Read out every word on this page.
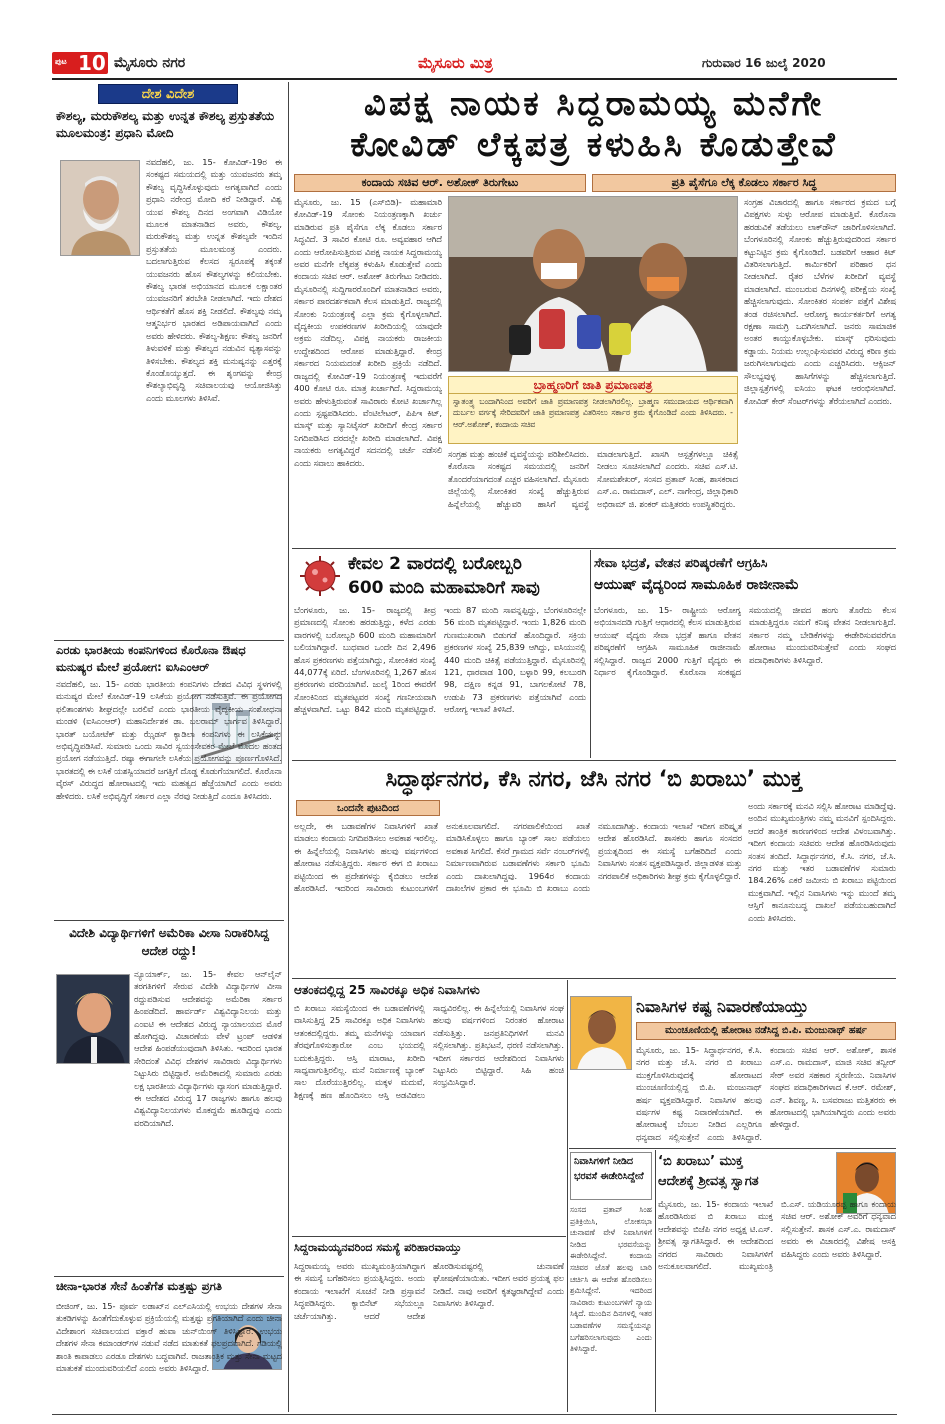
ಪುಟ 10 ಮೈಸೂರು ನಗರ	ಮೈಸೂರು ಮಿತ್ರ	ಗುರುವಾರ 16 ಜುಲೈ 2020
ದೇಶ ವಿದೇಶ
ಕೌಶಲ್ಯ, ಮರುಕೌಶಲ್ಯ ಮತ್ತು ಉನ್ನತ ಕೌಶಲ್ಯ ಪ್ರಸ್ತುತತೆಯ ಮೂಲಮಂತ್ರ: ಪ್ರಧಾನಿ ಮೋದಿ
ನವದೆಹಲಿ, ಜು. 15- ಕೋವಿಡ್-19ರ ಈ ಸಂಕಷ್ಟದ ಸಮಯದಲ್ಲಿ ಮತ್ತು ಯುವಜನರು ತಮ್ಮ ಕೌಶಲ್ಯ ವೃದ್ಧಿಸಿಕೊಳ್ಳುವುದು ಅಗತ್ಯವಾಗಿದೆ ಎಂದು ಪ್ರಧಾನಿ ನರೇಂದ್ರ ಮೋದಿ ಕರೆ ನೀಡಿದ್ದಾರೆ. ವಿಶ್ವ ಯುವ ಕೌಶಲ್ಯ ದಿನದ ಅಂಗವಾಗಿ ವಿಡಿಯೋ ಮೂಲಕ ಮಾತನಾಡಿದ ಅವರು, ಕೌಶಲ್ಯ, ಮರುಕೌಶಲ್ಯ ಮತ್ತು ಉನ್ನತ ಕೌಶಲ್ಯವೇ ಇಂದಿನ ಪ್ರಸ್ತುತತೆಯ ಮೂಲಮಂತ್ರ ಎಂದರು. ಬದಲಾಗುತ್ತಿರುವ ಕೆಲಸದ ಸ್ವರೂಪಕ್ಕೆ ತಕ್ಕಂತೆ ಯುವಜನರು ಹೊಸ ಕೌಶಲ್ಯಗಳನ್ನು ಕಲಿಯಬೇಕು. ಕೌಶಲ್ಯ ಭಾರತ ಅಭಿಯಾನದ ಮೂಲಕ ಲಕ್ಷಾಂತರ ಯುವಜನರಿಗೆ ತರಬೇತಿ ನೀಡಲಾಗಿದೆ. ಇದು ದೇಶದ ಆರ್ಥಿಕತೆಗೆ ಹೊಸ ಶಕ್ತಿ ನೀಡಲಿದೆ. ಕೌಶಲ್ಯವು ನಮ್ಮ ಆತ್ಮನಿರ್ಭರ ಭಾರತದ ಅಡಿಪಾಯವಾಗಿದೆ ಎಂದು ಅವರು ಹೇಳಿದರು. ಕೌಶಲ್ಯ-ಶಿಕ್ಷಣ: ಕೌಶಲ್ಯ ಜನರಿಗೆ ತಿಳುವಳಿಕೆ ಮತ್ತು ಕೌಶಲ್ಯದ ನಡುವಿನ ವ್ಯತ್ಯಾಸವನ್ನು ತಿಳಿಸಬೇಕು. ಕೌಶಲ್ಯದ ಶಕ್ತಿ ಮನುಷ್ಯನನ್ನು ಎತ್ತರಕ್ಕೆ ಕೊಂಡೊಯ್ಯುತ್ತದೆ. ಈ ಶೃಂಗವನ್ನು ಕೇಂದ್ರ ಕೌಶಲ್ಯಾಭಿವೃದ್ಧಿ ಸಚಿವಾಲಯವು ಆಯೋಜಿಸಿತ್ತು ಎಂದು ಮೂಲಗಳು ತಿಳಿಸಿವೆ.
ಎರಡು ಭಾರತೀಯ ಕಂಪನಿಗಳಿಂದ ಕೊರೊನಾ ಔಷಧ ಮನುಷ್ಯರ ಮೇಲೆ ಪ್ರಯೋಗ: ಐಸಿಎಂಆರ್
ನವದೆಹಲಿ, ಜು. 15- ಎರಡು ಭಾರತೀಯ ಕಂಪನಿಗಳು ದೇಶದ ವಿವಿಧ ಸ್ಥಳಗಳಲ್ಲಿ ಮನುಷ್ಯರ ಮೇಲೆ ಕೋವಿಡ್-19 ಲಸಿಕೆಯ ಪ್ರಯೋಗ ನಡೆಸುತ್ತಿವೆ. ಈ ಪ್ರಯೋಗದ ಫಲಿತಾಂಶಗಳು ಶೀಘ್ರದಲ್ಲೇ ಬರಲಿವೆ ಎಂದು ಭಾರತೀಯ ವೈದ್ಯಕೀಯ ಸಂಶೋಧನಾ ಮಂಡಳಿ (ಐಸಿಎಂಆರ್) ಮಹಾನಿರ್ದೇಶಕ ಡಾ. ಬಲರಾಮ್ ಭಾರ್ಗವ ತಿಳಿಸಿದ್ದಾರೆ. ಭಾರತ್ ಬಯೋಟೆಕ್ ಮತ್ತು ಝೈಡಸ್ ಕ್ಯಾಡಿಲಾ ಕಂಪನಿಗಳು ಈ ಲಸಿಕೆಯನ್ನು ಅಭಿವೃದ್ಧಿಪಡಿಸಿವೆ. ಸುಮಾರು ಒಂದು ಸಾವಿರ ಸ್ವಯಂಸೇವಕರ ಮೇಲೆ ಮೊದಲ ಹಂತದ ಪ್ರಯೋಗ ನಡೆಯುತ್ತಿದೆ. ರಷ್ಯಾ ಈಗಾಗಲೇ ಲಸಿಕೆಯ ಪ್ರಯೋಗವನ್ನು ಪೂರ್ಣಗೊಳಿಸಿದೆ. ಭಾರತದಲ್ಲಿ ಈ ಲಸಿಕೆ ಯಶಸ್ವಿಯಾದರೆ ಜಗತ್ತಿಗೆ ದೊಡ್ಡ ಕೊಡುಗೆಯಾಗಲಿದೆ. ಕೊರೊನಾ ವೈರಸ್ ವಿರುದ್ಧದ ಹೋರಾಟದಲ್ಲಿ ಇದು ಮಹತ್ವದ ಹೆಜ್ಜೆಯಾಗಿದೆ ಎಂದು ಅವರು ಹೇಳಿದರು. ಲಸಿಕೆ ಅಭಿವೃದ್ಧಿಗೆ ಸರ್ಕಾರ ಎಲ್ಲಾ ನೆರವು ನೀಡುತ್ತಿದೆ ಎಂದೂ ತಿಳಿಸಿದರು.
ವಿದೇಶಿ ವಿದ್ಯಾರ್ಥಿಗಳಿಗೆ ಅಮೆರಿಕಾ ವೀಸಾ ನಿರಾಕರಿಸಿದ್ದ ಆದೇಶ ರದ್ದು!
ನ್ಯೂಯಾರ್ಕ್, ಜು. 15- ಕೇವಲ ಆನ್‌ಲೈನ್ ತರಗತಿಗಳಿಗೆ ಸೇರುವ ವಿದೇಶಿ ವಿದ್ಯಾರ್ಥಿಗಳ ವೀಸಾ ರದ್ದುಪಡಿಸುವ ಆದೇಶವನ್ನು ಅಮೆರಿಕಾ ಸರ್ಕಾರ ಹಿಂಪಡೆದಿದೆ. ಹಾರ್ವರ್ಡ್ ವಿಶ್ವವಿದ್ಯಾನಿಲಯ ಮತ್ತು ಎಂಐಟಿ ಈ ಆದೇಶದ ವಿರುದ್ಧ ನ್ಯಾಯಾಲಯದ ಮೊರೆ ಹೋಗಿದ್ದವು. ವಿಚಾರಣೆಯ ವೇಳೆ ಟ್ರಂಪ್ ಆಡಳಿತ ಆದೇಶ ಹಿಂಪಡೆಯುವುದಾಗಿ ತಿಳಿಸಿತು. ಇದರಿಂದ ಭಾರತ ಸೇರಿದಂತೆ ವಿವಿಧ ದೇಶಗಳ ಸಾವಿರಾರು ವಿದ್ಯಾರ್ಥಿಗಳು ನಿಟ್ಟುಸಿರು ಬಿಟ್ಟಿದ್ದಾರೆ. ಅಮೆರಿಕಾದಲ್ಲಿ ಸುಮಾರು ಎರಡು ಲಕ್ಷ ಭಾರತೀಯ ವಿದ್ಯಾರ್ಥಿಗಳು ವ್ಯಾಸಂಗ ಮಾಡುತ್ತಿದ್ದಾರೆ. ಈ ಆದೇಶದ ವಿರುದ್ಧ 17 ರಾಜ್ಯಗಳು ಹಾಗೂ ಹಲವು ವಿಶ್ವವಿದ್ಯಾನಿಲಯಗಳು ಮೊಕದ್ದಮೆ ಹೂಡಿದ್ದವು ಎಂದು ವರದಿಯಾಗಿದೆ.
ಚೀನಾ-ಭಾರತ ಸೇನೆ ಹಿಂತೆಗೆತ ಮತ್ತಷ್ಟು ಪ್ರಗತಿ
ಬೀಜಿಂಗ್, ಜು. 15- ಪೂರ್ವ ಲಡಾಖ್‌ನ ಎಲ್‌ಎಸಿಯಲ್ಲಿ ಉಭಯ ದೇಶಗಳ ಸೇನಾ ತುಕಡಿಗಳನ್ನು ಹಿಂತೆಗೆದುಕೊಳ್ಳುವ ಪ್ರಕ್ರಿಯೆಯಲ್ಲಿ ಮತ್ತಷ್ಟು ಪ್ರಗತಿಯಾಗಿದೆ ಎಂದು ಚೀನಾ ವಿದೇಶಾಂಗ ಸಚಿವಾಲಯದ ವಕ್ತಾರೆ ಹುವಾ ಚುನ್‌ಯಿಂಗ್ ತಿಳಿಸಿದ್ದಾರೆ. ಉಭಯ ದೇಶಗಳ ಸೇನಾ ಕಮಾಂಡರ್‌ಗಳ ನಡುವೆ ನಡೆದ ಮಾತುಕತೆ ಫಲಪ್ರದವಾಗಿದೆ. ಗಡಿಯಲ್ಲಿ ಶಾಂತಿ ಕಾಪಾಡಲು ಎರಡೂ ದೇಶಗಳು ಬದ್ಧವಾಗಿವೆ. ರಾಜತಾಂತ್ರಿಕ ಮತ್ತು ಸೇನಾ ಮಟ್ಟದ ಮಾತುಕತೆ ಮುಂದುವರಿಯಲಿದೆ ಎಂದು ಅವರು ತಿಳಿಸಿದ್ದಾರೆ.
ವಿಪಕ್ಷ ನಾಯಕ ಸಿದ್ದರಾಮಯ್ಯ ಮನೆಗೇ
ಕೋವಿಡ್ ಲೆಕ್ಕಪತ್ರ ಕಳುಹಿಸಿ ಕೊಡುತ್ತೇವೆ
ಕಂದಾಯ ಸಚಿವ ಆರ್. ಅಶೋಕ್ ತಿರುಗೇಟು	ಪ್ರತಿ ಪೈಸೆಗೂ ಲೆಕ್ಕ ಕೊಡಲು ಸರ್ಕಾರ ಸಿದ್ಧ
ಮೈಸೂರು, ಜು. 15 (ಎಸ್‌ಬಿಡಿ)- ಮಹಾಮಾರಿ ಕೋವಿಡ್-19 ಸೋಂಕು ನಿಯಂತ್ರಣಕ್ಕಾಗಿ ಖರ್ಚು ಮಾಡಿರುವ ಪ್ರತಿ ಪೈಸೆಗೂ ಲೆಕ್ಕ ಕೊಡಲು ಸರ್ಕಾರ ಸಿದ್ಧವಿದೆ. 3 ಸಾವಿರ ಕೋಟಿ ರೂ. ಅವ್ಯವಹಾರ ಆಗಿದೆ ಎಂದು ಆರೋಪಿಸುತ್ತಿರುವ ವಿಪಕ್ಷ ನಾಯಕ ಸಿದ್ದರಾಮಯ್ಯ ಅವರ ಮನೆಗೇ ಲೆಕ್ಕಪತ್ರ ಕಳುಹಿಸಿ ಕೊಡುತ್ತೇವೆ ಎಂದು ಕಂದಾಯ ಸಚಿವ ಆರ್. ಅಶೋಕ್ ತಿರುಗೇಟು ನೀಡಿದರು. ಮೈಸೂರಿನಲ್ಲಿ ಸುದ್ದಿಗಾರರೊಂದಿಗೆ ಮಾತನಾಡಿದ ಅವರು, ಸರ್ಕಾರ ಪಾರದರ್ಶಕವಾಗಿ ಕೆಲಸ ಮಾಡುತ್ತಿದೆ. ರಾಜ್ಯದಲ್ಲಿ ಸೋಂಕು ನಿಯಂತ್ರಣಕ್ಕೆ ಎಲ್ಲಾ ಕ್ರಮ ಕೈಗೊಳ್ಳಲಾಗಿದೆ. ವೈದ್ಯಕೀಯ ಉಪಕರಣಗಳ ಖರೀದಿಯಲ್ಲಿ ಯಾವುದೇ ಅಕ್ರಮ ನಡೆದಿಲ್ಲ. ವಿಪಕ್ಷ ನಾಯಕರು ರಾಜಕೀಯ ಉದ್ದೇಶದಿಂದ ಆರೋಪ ಮಾಡುತ್ತಿದ್ದಾರೆ. ಕೇಂದ್ರ ಸರ್ಕಾರದ ನಿಯಮದಂತೆ ಖರೀದಿ ಪ್ರಕ್ರಿಯೆ ನಡೆದಿದೆ. ರಾಜ್ಯದಲ್ಲಿ ಕೋವಿಡ್-19 ನಿಯಂತ್ರಣಕ್ಕೆ ಇದುವರೆಗೆ 400 ಕೋಟಿ ರೂ. ಮಾತ್ರ ಖರ್ಚಾಗಿದೆ. ಸಿದ್ದರಾಮಯ್ಯ ಅವರು ಹೇಳುತ್ತಿರುವಂತೆ ಸಾವಿರಾರು ಕೋಟಿ ಖರ್ಚಾಗಿಲ್ಲ ಎಂದು ಸ್ಪಷ್ಟಪಡಿಸಿದರು. ವೆಂಟಿಲೇಟರ್, ಪಿಪಿಇ ಕಿಟ್, ಮಾಸ್ಕ್ ಮತ್ತು ಸ್ಯಾನಿಟೈಸರ್ ಖರೀದಿಗೆ ಕೇಂದ್ರ ಸರ್ಕಾರ ನಿಗದಿಪಡಿಸಿದ ದರದಲ್ಲೇ ಖರೀದಿ ಮಾಡಲಾಗಿದೆ. ವಿಪಕ್ಷ ನಾಯಕರು ಅಗತ್ಯವಿದ್ದರೆ ಸದನದಲ್ಲಿ ಚರ್ಚೆ ನಡೆಸಲಿ ಎಂದು ಸವಾಲು ಹಾಕಿದರು.
ಬ್ರಾಹ್ಮಣರಿಗೆ ಜಾತಿ ಪ್ರಮಾಣಪತ್ರ
ಸ್ವಾತಂತ್ರ್ಯ ಬಂದಾಗಿನಿಂದ ಅವರಿಗೆ ಜಾತಿ ಪ್ರಮಾಣಪತ್ರ ನೀಡಲಾಗಿರಲಿಲ್ಲ. ಬ್ರಾಹ್ಮಣ ಸಮುದಾಯದ ಆರ್ಥಿಕವಾಗಿ ದುರ್ಬಲ ವರ್ಗಕ್ಕೆ ಸೇರಿದವರಿಗೆ ಜಾತಿ ಪ್ರಮಾಣಪತ್ರ ವಿತರಿಸಲು ಸರ್ಕಾರ ಕ್ರಮ ಕೈಗೊಂಡಿದೆ ಎಂದು ತಿಳಿಸಿದರು. - ಆರ್.ಅಶೋಕ್, ಕಂದಾಯ ಸಚಿವ
ಸಂಗ್ರಹ ಮತ್ತು ಹಂಚಿಕೆ ವ್ಯವಸ್ಥೆಯನ್ನು ಪರಿಶೀಲಿಸಿದರು. ಕೊರೊನಾ ಸಂಕಷ್ಟದ ಸಮಯದಲ್ಲಿ ಜನರಿಗೆ ತೊಂದರೆಯಾಗದಂತೆ ಎಚ್ಚರ ವಹಿಸಲಾಗಿದೆ. ಮೈಸೂರು ಜಿಲ್ಲೆಯಲ್ಲಿ ಸೋಂಕಿತರ ಸಂಖ್ಯೆ ಹೆಚ್ಚುತ್ತಿರುವ ಹಿನ್ನೆಲೆಯಲ್ಲಿ ಹೆಚ್ಚುವರಿ ಹಾಸಿಗೆ ವ್ಯವಸ್ಥೆ ಮಾಡಲಾಗುತ್ತಿದೆ. ಖಾಸಗಿ ಆಸ್ಪತ್ರೆಗಳಲ್ಲೂ ಚಿಕಿತ್ಸೆ ನೀಡಲು ಸೂಚಿಸಲಾಗಿದೆ ಎಂದರು. ಸಚಿವ ಎಸ್.ಟಿ. ಸೋಮಶೇಖರ್, ಸಂಸದ ಪ್ರತಾಪ್ ಸಿಂಹ, ಶಾಸಕರಾದ ಎಸ್.ಎ. ರಾಮದಾಸ್, ಎಲ್. ನಾಗೇಂದ್ರ, ಜಿಲ್ಲಾಧಿಕಾರಿ ಅಭಿರಾಮ್ ಜಿ. ಶಂಕರ್ ಮತ್ತಿತರರು ಉಪಸ್ಥಿತರಿದ್ದರು.
ಸಂಗ್ರಹ ವಿಚಾರದಲ್ಲಿ ಹಾಗೂ ಸರ್ಕಾರದ ಕ್ರಮದ ಬಗ್ಗೆ ವಿಪಕ್ಷಗಳು ಸುಳ್ಳು ಆರೋಪ ಮಾಡುತ್ತಿವೆ. ಕೊರೊನಾ ಹರಡುವಿಕೆ ತಡೆಯಲು ಲಾಕ್‌ಡೌನ್ ಜಾರಿಗೊಳಿಸಲಾಗಿದೆ. ಬೆಂಗಳೂರಿನಲ್ಲಿ ಸೋಂಕು ಹೆಚ್ಚುತ್ತಿರುವುದರಿಂದ ಸರ್ಕಾರ ಕಟ್ಟುನಿಟ್ಟಿನ ಕ್ರಮ ಕೈಗೊಂಡಿದೆ. ಬಡವರಿಗೆ ಆಹಾರ ಕಿಟ್ ವಿತರಿಸಲಾಗುತ್ತಿದೆ. ಕಾರ್ಮಿಕರಿಗೆ ಪರಿಹಾರ ಧನ ನೀಡಲಾಗಿದೆ. ರೈತರ ಬೆಳೆಗಳ ಖರೀದಿಗೆ ವ್ಯವಸ್ಥೆ ಮಾಡಲಾಗಿದೆ. ಮುಂಬರುವ ದಿನಗಳಲ್ಲಿ ಪರೀಕ್ಷೆಯ ಸಂಖ್ಯೆ ಹೆಚ್ಚಿಸಲಾಗುವುದು. ಸೋಂಕಿತರ ಸಂಪರ್ಕ ಪತ್ತೆಗೆ ವಿಶೇಷ ತಂಡ ರಚಿಸಲಾಗಿದೆ. ಆರೋಗ್ಯ ಕಾರ್ಯಕರ್ತರಿಗೆ ಅಗತ್ಯ ರಕ್ಷಣಾ ಸಾಮಗ್ರಿ ಒದಗಿಸಲಾಗಿದೆ. ಜನರು ಸಾಮಾಜಿಕ ಅಂತರ ಕಾಯ್ದುಕೊಳ್ಳಬೇಕು. ಮಾಸ್ಕ್ ಧರಿಸುವುದು ಕಡ್ಡಾಯ. ನಿಯಮ ಉಲ್ಲಂಘಿಸುವವರ ವಿರುದ್ಧ ಕಠಿಣ ಕ್ರಮ ಜರುಗಿಸಲಾಗುವುದು ಎಂದು ಎಚ್ಚರಿಸಿದರು. ಆಕ್ಸಿಜನ್ ಸೌಲಭ್ಯವುಳ್ಳ ಹಾಸಿಗೆಗಳನ್ನು ಹೆಚ್ಚಿಸಲಾಗುತ್ತಿದೆ. ಜಿಲ್ಲಾಸ್ಪತ್ರೆಗಳಲ್ಲಿ ಐಸಿಯು ಘಟಕ ಆರಂಭಿಸಲಾಗಿದೆ. ಕೋವಿಡ್ ಕೇರ್ ಸೆಂಟರ್‌ಗಳನ್ನು ತೆರೆಯಲಾಗಿದೆ ಎಂದರು.
ಕೇವಲ 2 ವಾರದಲ್ಲಿ ಬರೋಬ್ಬರಿ
600 ಮಂದಿ ಮಹಾಮಾರಿಗೆ ಸಾವು
ಬೆಂಗಳೂರು, ಜು. 15- ರಾಜ್ಯದಲ್ಲಿ ತೀವ್ರ ಪ್ರಮಾಣದಲ್ಲಿ ಸೋಂಕು ಹರಡುತ್ತಿದ್ದು, ಕಳೆದ ಎರಡು ವಾರಗಳಲ್ಲಿ ಬರೋಬ್ಬರಿ 600 ಮಂದಿ ಮಹಾಮಾರಿಗೆ ಬಲಿಯಾಗಿದ್ದಾರೆ. ಬುಧವಾರ ಒಂದೇ ದಿನ 2,496 ಹೊಸ ಪ್ರಕರಣಗಳು ಪತ್ತೆಯಾಗಿದ್ದು, ಸೋಂಕಿತರ ಸಂಖ್ಯೆ 44,077ಕ್ಕೆ ಏರಿದೆ. ಬೆಂಗಳೂರಿನಲ್ಲಿ 1,267 ಹೊಸ ಪ್ರಕರಣಗಳು ವರದಿಯಾಗಿವೆ. ಜುಲೈ 1ರಿಂದ ಈವರೆಗೆ ಸೋಂಕಿನಿಂದ ಮೃತಪಟ್ಟವರ ಸಂಖ್ಯೆ ಗಣನೀಯವಾಗಿ ಹೆಚ್ಚಳವಾಗಿದೆ. ಒಟ್ಟು 842 ಮಂದಿ ಮೃತಪಟ್ಟಿದ್ದಾರೆ. ಇಂದು 87 ಮಂದಿ ಸಾವನ್ನಪ್ಪಿದ್ದು, ಬೆಂಗಳೂರಿನಲ್ಲೇ 56 ಮಂದಿ ಮೃತಪಟ್ಟಿದ್ದಾರೆ. ಇಂದು 1,826 ಮಂದಿ ಗುಣಮುಖರಾಗಿ ಬಿಡುಗಡೆ ಹೊಂದಿದ್ದಾರೆ. ಸಕ್ರಿಯ ಪ್ರಕರಣಗಳ ಸಂಖ್ಯೆ 25,839 ಆಗಿದ್ದು, ಐಸಿಯುನಲ್ಲಿ 440 ಮಂದಿ ಚಿಕಿತ್ಸೆ ಪಡೆಯುತ್ತಿದ್ದಾರೆ. ಮೈಸೂರಿನಲ್ಲಿ 121, ಧಾರವಾಡ 100, ಬಳ್ಳಾರಿ 99, ಕಲಬುರಗಿ 98, ದಕ್ಷಿಣ ಕನ್ನಡ 91, ಬಾಗಲಕೋಟೆ 78, ಉಡುಪಿ 73 ಪ್ರಕರಣಗಳು ಪತ್ತೆಯಾಗಿವೆ ಎಂದು ಆರೋಗ್ಯ ಇಲಾಖೆ ತಿಳಿಸಿದೆ.
ಸೇವಾ ಭದ್ರತೆ, ವೇತನ ಪರಿಷ್ಕರಣೆಗೆ ಆಗ್ರಹಿಸಿ
ಆಯುಷ್ ವೈದ್ಯರಿಂದ ಸಾಮೂಹಿಕ ರಾಜೀನಾಮೆ
ಬೆಂಗಳೂರು, ಜು. 15- ರಾಷ್ಟ್ರೀಯ ಆರೋಗ್ಯ ಅಭಿಯಾನದಡಿ ಗುತ್ತಿಗೆ ಆಧಾರದಲ್ಲಿ ಕೆಲಸ ಮಾಡುತ್ತಿರುವ ಆಯುಷ್ ವೈದ್ಯರು ಸೇವಾ ಭದ್ರತೆ ಹಾಗೂ ವೇತನ ಪರಿಷ್ಕರಣೆಗೆ ಆಗ್ರಹಿಸಿ ಸಾಮೂಹಿಕ ರಾಜೀನಾಮೆ ಸಲ್ಲಿಸಿದ್ದಾರೆ. ರಾಜ್ಯದ 2000 ಗುತ್ತಿಗೆ ವೈದ್ಯರು ಈ ನಿರ್ಧಾರ ಕೈಗೊಂಡಿದ್ದಾರೆ. ಕೊರೊನಾ ಸಂಕಷ್ಟದ ಸಮಯದಲ್ಲಿ ಜೀವದ ಹಂಗು ತೊರೆದು ಕೆಲಸ ಮಾಡುತ್ತಿದ್ದರೂ ನಮಗೆ ಕನಿಷ್ಠ ವೇತನ ನೀಡಲಾಗುತ್ತಿದೆ. ಸರ್ಕಾರ ನಮ್ಮ ಬೇಡಿಕೆಗಳನ್ನು ಈಡೇರಿಸುವವರೆಗೂ ಹೋರಾಟ ಮುಂದುವರಿಸುತ್ತೇವೆ ಎಂದು ಸಂಘದ ಪದಾಧಿಕಾರಿಗಳು ತಿಳಿಸಿದ್ದಾರೆ.
ಸಿದ್ಧಾರ್ಥನಗರ, ಕೆಸಿ ನಗರ, ಜೆಸಿ ನಗರ ‘ಬಿ ಖರಾಬು’ ಮುಕ್ತ
ಒಂದನೇ ಪುಟದಿಂದ
ಅಲ್ಲದೇ, ಈ ಬಡಾವಣೆಗಳ ನಿವಾಸಿಗಳಿಗೆ ಖಾತೆ ಮಾಡಲು ಕಂದಾಯ ನಿಗದಿಪಡಿಸಲು ಅವಕಾಶ ಇರಲಿಲ್ಲ. ಈ ಹಿನ್ನೆಲೆಯಲ್ಲಿ ನಿವಾಸಿಗಳು ಹಲವು ವರ್ಷಗಳಿಂದ ಹೋರಾಟ ನಡೆಸುತ್ತಿದ್ದರು. ಸರ್ಕಾರ ಈಗ ಬಿ ಖರಾಬು ಪಟ್ಟಿಯಿಂದ ಈ ಪ್ರದೇಶಗಳನ್ನು ಕೈಬಿಡಲು ಆದೇಶ ಹೊರಡಿಸಿದೆ. ಇದರಿಂದ ಸಾವಿರಾರು ಕುಟುಂಬಗಳಿಗೆ ಅನುಕೂಲವಾಗಲಿದೆ. ನಗರಪಾಲಿಕೆಯಿಂದ ಖಾತೆ ಮಾಡಿಸಿಕೊಳ್ಳಲು ಹಾಗೂ ಬ್ಯಾಂಕ್ ಸಾಲ ಪಡೆಯಲು ಅವಕಾಶ ಸಿಗಲಿದೆ. ಕೆಸರೆ ಗ್ರಾಮದ ಸರ್ವೆ ನಂಬರ್‌ಗಳಲ್ಲಿ ನಿರ್ಮಾಣವಾಗಿರುವ ಬಡಾವಣೆಗಳು ಸರ್ಕಾರಿ ಭೂಮಿ ಎಂದು ದಾಖಲಾಗಿದ್ದವು. 1964ರ ಕಂದಾಯ ದಾಖಲೆಗಳ ಪ್ರಕಾರ ಈ ಭೂಮಿ ಬಿ ಖರಾಬು ಎಂದು ನಮೂದಾಗಿತ್ತು. ಕಂದಾಯ ಇಲಾಖೆ ಇದೀಗ ಪರಿಷ್ಕೃತ ಆದೇಶ ಹೊರಡಿಸಿದೆ. ಶಾಸಕರು ಹಾಗೂ ಸಂಸದರ ಪ್ರಯತ್ನದಿಂದ ಈ ಸಮಸ್ಯೆ ಬಗೆಹರಿದಿದೆ ಎಂದು ನಿವಾಸಿಗಳು ಸಂತಸ ವ್ಯಕ್ತಪಡಿಸಿದ್ದಾರೆ. ಜಿಲ್ಲಾಡಳಿತ ಮತ್ತು ನಗರಪಾಲಿಕೆ ಅಧಿಕಾರಿಗಳು ಶೀಘ್ರ ಕ್ರಮ ಕೈಗೊಳ್ಳಲಿದ್ದಾರೆ.
ಅಂದು ಸರ್ಕಾರಕ್ಕೆ ಮನವಿ ಸಲ್ಲಿಸಿ ಹೋರಾಟ ಮಾಡಿದ್ದೆವು. ಅಂದಿನ ಮುಖ್ಯಮಂತ್ರಿಗಳು ನಮ್ಮ ಮನವಿಗೆ ಸ್ಪಂದಿಸಿದ್ದರು. ಆದರೆ ತಾಂತ್ರಿಕ ಕಾರಣಗಳಿಂದ ಆದೇಶ ವಿಳಂಬವಾಗಿತ್ತು. ಇದೀಗ ಕಂದಾಯ ಸಚಿವರು ಆದೇಶ ಹೊರಡಿಸಿರುವುದು ಸಂತಸ ತಂದಿದೆ. ಸಿದ್ಧಾರ್ಥನಗರ, ಕೆ.ಸಿ. ನಗರ, ಜೆ.ಸಿ. ನಗರ ಮತ್ತು ಇತರ ಬಡಾವಣೆಗಳ ಸುಮಾರು 184.26% ಎಕರೆ ಜಮೀನು ಬಿ ಖರಾಬು ಪಟ್ಟಿಯಿಂದ ಮುಕ್ತವಾಗಿದೆ. ಇಲ್ಲಿನ ನಿವಾಸಿಗಳು ಇನ್ನು ಮುಂದೆ ತಮ್ಮ ಆಸ್ತಿಗೆ ಕಾನೂನುಬದ್ಧ ದಾಖಲೆ ಪಡೆಯಬಹುದಾಗಿದೆ ಎಂದು ತಿಳಿಸಿದರು.
ಆತಂಕದಲ್ಲಿದ್ದ 25 ಸಾವಿರಕ್ಕೂ ಅಧಿಕ ನಿವಾಸಿಗಳು
ಬಿ ಖರಾಬು ಸಮಸ್ಯೆಯಿಂದ ಈ ಬಡಾವಣೆಗಳಲ್ಲಿ ವಾಸಿಸುತ್ತಿದ್ದ 25 ಸಾವಿರಕ್ಕೂ ಅಧಿಕ ನಿವಾಸಿಗಳು ಆತಂಕದಲ್ಲಿದ್ದರು. ತಮ್ಮ ಮನೆಗಳನ್ನು ಯಾವಾಗ ತೆರವುಗೊಳಿಸುತ್ತಾರೋ ಎಂಬ ಭಯದಲ್ಲಿ ಬದುಕುತ್ತಿದ್ದರು. ಆಸ್ತಿ ಮಾರಾಟ, ಖರೀದಿ ಸಾಧ್ಯವಾಗುತ್ತಿರಲಿಲ್ಲ. ಮನೆ ನಿರ್ಮಾಣಕ್ಕೆ ಬ್ಯಾಂಕ್ ಸಾಲ ದೊರೆಯುತ್ತಿರಲಿಲ್ಲ. ಮಕ್ಕಳ ಮದುವೆ, ಶಿಕ್ಷಣಕ್ಕೆ ಹಣ ಹೊಂದಿಸಲು ಆಸ್ತಿ ಅಡವಿಡಲು ಸಾಧ್ಯವಿರಲಿಲ್ಲ. ಈ ಹಿನ್ನೆಲೆಯಲ್ಲಿ ನಿವಾಸಿಗಳ ಸಂಘ ಹಲವು ವರ್ಷಗಳಿಂದ ನಿರಂತರ ಹೋರಾಟ ನಡೆಸುತ್ತಿತ್ತು. ಜನಪ್ರತಿನಿಧಿಗಳಿಗೆ ಮನವಿ ಸಲ್ಲಿಸಲಾಗಿತ್ತು. ಪ್ರತಿಭಟನೆ, ಧರಣಿ ನಡೆಸಲಾಗಿತ್ತು. ಇದೀಗ ಸರ್ಕಾರದ ಆದೇಶದಿಂದ ನಿವಾಸಿಗಳು ನಿಟ್ಟುಸಿರು ಬಿಟ್ಟಿದ್ದಾರೆ. ಸಿಹಿ ಹಂಚಿ ಸಂಭ್ರಮಿಸಿದ್ದಾರೆ.
ನಿವಾಸಿಗಳ ಕಷ್ಟ ನಿವಾರಣೆಯಾಯ್ತು
ಮುಂಚೂಣಿಯಲ್ಲಿ ಹೋರಾಟ ನಡೆಸಿದ್ದ ಬಿ.ಪಿ. ಮಂಜುನಾಥ್ ಹರ್ಷ
ಮೈಸೂರು, ಜು. 15- ಸಿದ್ಧಾರ್ಥನಗರ, ಕೆ.ಸಿ. ನಗರ ಮತ್ತು ಜೆ.ಸಿ. ನಗರ ಬಿ ಖರಾಬು ಮುಕ್ತಗೊಳಿಸಿರುವುದಕ್ಕೆ ಹೋರಾಟದ ಮುಂಚೂಣಿಯಲ್ಲಿದ್ದ ಬಿ.ಪಿ. ಮಂಜುನಾಥ್ ಹರ್ಷ ವ್ಯಕ್ತಪಡಿಸಿದ್ದಾರೆ. ನಿವಾಸಿಗಳ ಹಲವು ವರ್ಷಗಳ ಕಷ್ಟ ನಿವಾರಣೆಯಾಗಿದೆ. ಈ ಹೋರಾಟಕ್ಕೆ ಬೆಂಬಲ ನೀಡಿದ ಎಲ್ಲರಿಗೂ ಧನ್ಯವಾದ ಸಲ್ಲಿಸುತ್ತೇನೆ ಎಂದು ತಿಳಿಸಿದ್ದಾರೆ. ಕಂದಾಯ ಸಚಿವ ಆರ್. ಅಶೋಕ್, ಶಾಸಕ ಎಸ್.ಎ. ರಾಮದಾಸ್, ಮಾಜಿ ಸಚಿವ ತನ್ವೀರ್ ಸೇಠ್ ಅವರ ಸಹಕಾರ ಸ್ಮರಣೀಯ. ನಿವಾಸಿಗಳ ಸಂಘದ ಪದಾಧಿಕಾರಿಗಳಾದ ಕೆ.ಆರ್. ರಮೇಶ್, ಎನ್. ಶಿವಣ್ಣ, ಸಿ. ಬಸವರಾಜು ಮತ್ತಿತರರು ಈ ಹೋರಾಟದಲ್ಲಿ ಭಾಗಿಯಾಗಿದ್ದರು ಎಂದು ಅವರು ಹೇಳಿದ್ದಾರೆ.
ಸಿದ್ದರಾಮಯ್ಯನವರಿಂದ ಸಮಸ್ಯೆ ಪರಿಹಾರವಾಯ್ತು
ಸಿದ್ದರಾಮಯ್ಯ ಅವರು ಮುಖ್ಯಮಂತ್ರಿಯಾಗಿದ್ದಾಗ ಈ ಸಮಸ್ಯೆ ಬಗೆಹರಿಸಲು ಪ್ರಯತ್ನಿಸಿದ್ದರು. ಅಂದು ಕಂದಾಯ ಇಲಾಖೆಗೆ ಸೂಚನೆ ನೀಡಿ ಪ್ರಸ್ತಾವನೆ ಸಿದ್ಧಪಡಿಸಿದ್ದರು. ಕ್ಯಾಬಿನೆಟ್ ಸಭೆಯಲ್ಲೂ ಚರ್ಚೆಯಾಗಿತ್ತು. ಆದರೆ ಆದೇಶ ಹೊರಡಿಸುವಷ್ಟರಲ್ಲಿ ಚುನಾವಣೆ ಘೋಷಣೆಯಾಯಿತು. ಇದೀಗ ಅವರ ಪ್ರಯತ್ನ ಫಲ ನೀಡಿದೆ. ನಾವು ಅವರಿಗೆ ಕೃತಜ್ಞರಾಗಿದ್ದೇವೆ ಎಂದು ನಿವಾಸಿಗಳು ತಿಳಿಸಿದ್ದಾರೆ.
ನಿವಾಸಿಗಳಿಗೆ ನೀಡಿದ ಭರವಸೆ ಈಡೇರಿಸಿದ್ದೇನೆ
ಸಂಸದ ಪ್ರತಾಪ್ ಸಿಂಹ ಪ್ರತಿಕ್ರಿಯಿಸಿ, ಲೋಕಸಭಾ ಚುನಾವಣೆ ವೇಳೆ ನಿವಾಸಿಗಳಿಗೆ ನೀಡಿದ ಭರವಸೆಯನ್ನು ಈಡೇರಿಸಿದ್ದೇನೆ. ಕಂದಾಯ ಸಚಿವರ ಜೊತೆ ಹಲವು ಬಾರಿ ಚರ್ಚಿಸಿ ಈ ಆದೇಶ ಹೊರಡಿಸಲು ಶ್ರಮಿಸಿದ್ದೇನೆ. ಇದರಿಂದ ಸಾವಿರಾರು ಕುಟುಂಬಗಳಿಗೆ ನ್ಯಾಯ ಸಿಕ್ಕಿದೆ. ಮುಂದಿನ ದಿನಗಳಲ್ಲಿ ಇತರ ಬಡಾವಣೆಗಳ ಸಮಸ್ಯೆಯನ್ನೂ ಬಗೆಹರಿಸಲಾಗುವುದು ಎಂದು ತಿಳಿಸಿದ್ದಾರೆ.
‘ಬಿ ಖರಾಬು’ ಮುಕ್ತ
ಆದೇಶಕ್ಕೆ ಶ್ರೀವತ್ಸ ಸ್ವಾಗತ
ಮೈಸೂರು, ಜು. 15- ಕಂದಾಯ ಇಲಾಖೆ ಹೊರಡಿಸಿರುವ ಬಿ ಖರಾಬು ಮುಕ್ತ ಆದೇಶವನ್ನು ಬಿಜೆಪಿ ನಗರ ಅಧ್ಯಕ್ಷ ಟಿ.ಎಸ್. ಶ್ರೀವತ್ಸ ಸ್ವಾಗತಿಸಿದ್ದಾರೆ. ಈ ಆದೇಶದಿಂದ ನಗರದ ಸಾವಿರಾರು ನಿವಾಸಿಗಳಿಗೆ ಅನುಕೂಲವಾಗಲಿದೆ. ಮುಖ್ಯಮಂತ್ರಿ ಬಿ.ಎಸ್. ಯಡಿಯೂರಪ್ಪ ಹಾಗೂ ಕಂದಾಯ ಸಚಿವ ಆರ್. ಅಶೋಕ್ ಅವರಿಗೆ ಧನ್ಯವಾದ ಸಲ್ಲಿಸುತ್ತೇನೆ. ಶಾಸಕ ಎಸ್.ಎ. ರಾಮದಾಸ್ ಅವರು ಈ ವಿಚಾರದಲ್ಲಿ ವಿಶೇಷ ಆಸಕ್ತಿ ವಹಿಸಿದ್ದರು ಎಂದು ಅವರು ತಿಳಿಸಿದ್ದಾರೆ.
